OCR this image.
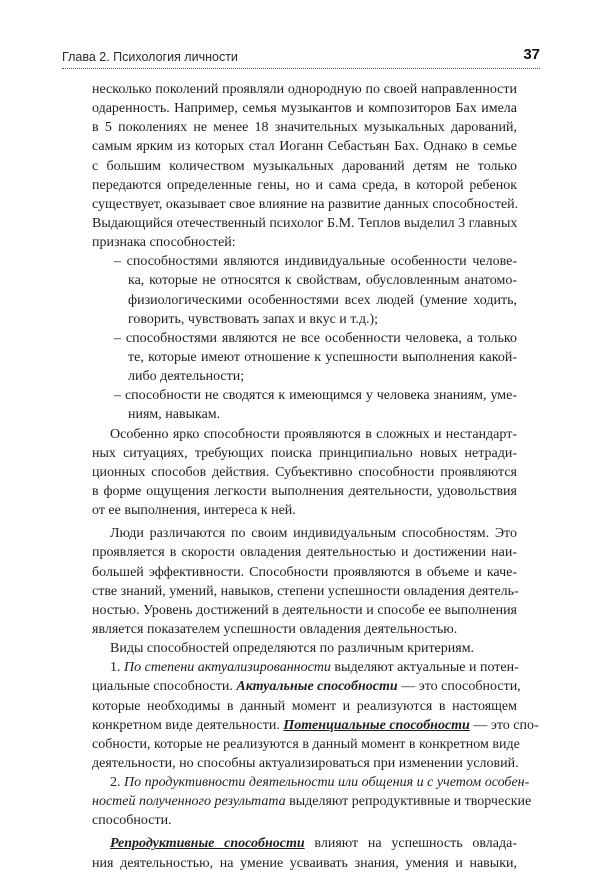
Глава 2. Психология личности	37
несколько поколений проявляли однородную по своей направленности
одаренность. Например, семья музыкантов и композиторов Бах имела
в 5 поколениях не менее 18 значительных музыкальных дарований,
самым ярким из которых стал Иоганн Себастьян Бах. Однако в семье
с большим количеством музыкальных дарований детям не только
передаются определенные гены, но и сама среда, в которой ребенок
существует, оказывает свое влияние на развитие данных способностей.
Выдающийся отечественный психолог Б.М. Теплов выделил 3 главных
признака способностей:
– способностями являются индивидуальные особенности челове-
ка, которые не относятся к свойствам, обусловленным анатомо-
физиологическими особенностями всех людей (умение ходить,
говорить, чувствовать запах и вкус и т.д.);
– способностями являются не все особенности человека, а только
те, которые имеют отношение к успешности выполнения какой-
либо деятельности;
– способности не сводятся к имеющимся у человека знаниям, уме-
ниям, навыкам.
Особенно ярко способности проявляются в сложных и нестандарт-
ных ситуациях, требующих поиска принципиально новых нетради-
ционных способов действия. Субъективно способности проявляются
в форме ощущения легкости выполнения деятельности, удовольствия
от ее выполнения, интереса к ней.
Люди различаются по своим индивидуальным способностям. Это
проявляется в скорости овладения деятельностью и достижении наи-
большей эффективности. Способности проявляются в объеме и каче-
стве знаний, умений, навыков, степени успешности овладения деятель-
ностью. Уровень достижений в деятельности и способе ее выполнения
является показателем успешности овладения деятельностью.
Виды способностей определяются по различным критериям.
1. По степени актуализированности выделяют актуальные и потен-
циальные способности. Актуальные способности — это способности,
которые необходимы в данный момент и реализуются в настоящем
конкретном виде деятельности. Потенциальные способности — это спо-
собности, которые не реализуются в данный момент в конкретном виде
деятельности, но способны актуализироваться при изменении условий.
2. По продуктивности деятельности или общения и с учетом особен-
ностей полученного результата выделяют репродуктивные и творческие
способности.
Репродуктивные способности влияют на успешность овлада-
ния деятельностью, на умение усваивать знания, умения и навыки,
